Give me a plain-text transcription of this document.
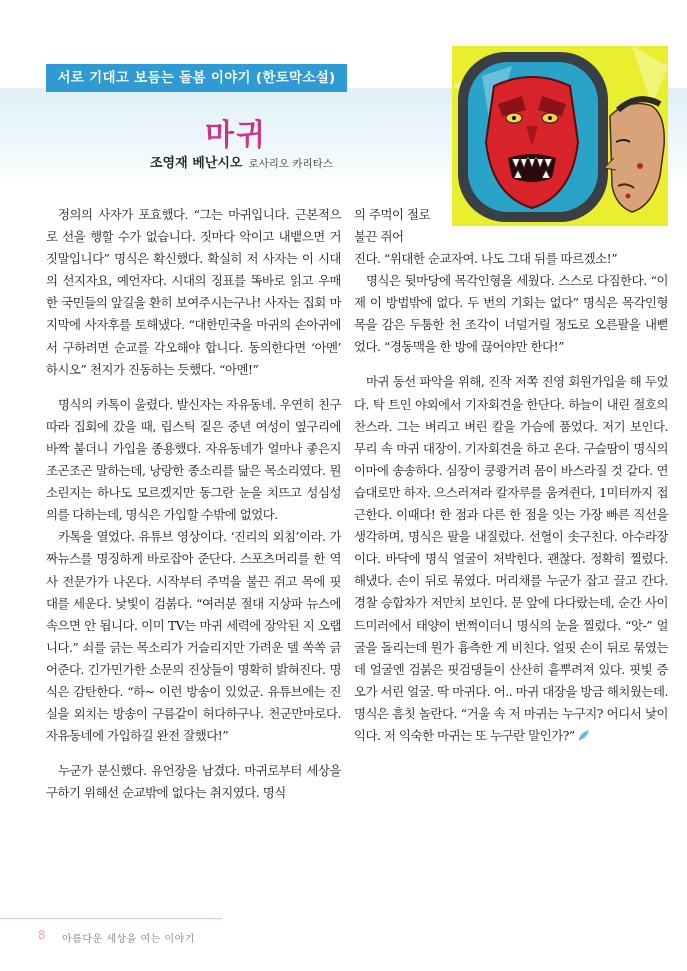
서로 기대고 보듬는 돌봄 이야기 (한토막소설)
마귀
조영재 베난시오 로사리오 카리타스

정의의 사자가 포효했다. “그는 마귀입니다. 근본적으로 선을 행할 수가 없습니다. 짓마다 악이고 내뱉으면 거짓말입니다” 명식은 확신했다. 확실히 저 사자는 이 시대의 선지자요, 예언자다. 시대의 징표를 똑바로 읽고 우매한 국민들의 앞길을 환히 보여주시는구나! 사자는 집회 마지막에 사자후를 토해냈다. “대한민국을 마귀의 손아귀에서 구하려면 순교를 각오해야 합니다. 동의한다면 ‘아멘’ 하시오” 천지가 진동하는 듯했다. “아멘!”

명식의 카톡이 울렸다. 발신자는 자유동네. 우연히 친구 따라 집회에 갔을 때, 립스틱 짙은 중년 여성이 옆구리에 바짝 붙더니 가입을 종용했다. 자유동네가 얼마나 좋은지 조곤조곤 말하는데, 낭랑한 종소리를 닮은 목소리였다. 뭔 소린지는 하나도 모르겠지만 동그란 눈을 치뜨고 성심성의를 다하는데, 명식은 가입할 수밖에 없었다.

카톡을 열었다. 유튜브 영상이다. ‘진리의 외침’이라. 가짜뉴스를 명징하게 바로잡아 준단다. 스포츠머리를 한 역사 전문가가 나온다. 시작부터 주먹을 불끈 쥐고 목에 핏대를 세운다. 낯빛이 검붉다. “여러분 절대 지상파 뉴스에 속으면 안 됩니다. 이미 TV는 마귀 세력에 장악된 지 오랩니다.” 쇠를 긁는 목소리가 거슬리지만 가려운 델 쏙쏙 긁어준다. 긴가민가한 소문의 진상들이 명확히 밝혀진다. 명식은 감탄한다. “하~ 이런 방송이 있었군. 유튜브에는 진실을 외치는 방송이 구름같이 허다하구나. 천군만마로다. 자유동네에 가입하길 완전 잘했다!”

누군가 분신했다. 유언장을 남겼다. 마귀로부터 세상을 구하기 위해선 순교밖에 없다는 취지였다. 명식

의 주먹이 절로 불끈 쥐어

진다. “위대한 순교자여. 나도 그대 뒤를 따르겠소!”

명식은 뒷마당에 목각인형을 세웠다. 스스로 다짐한다. “이제 이 방법밖에 없다. 두 번의 기회는 없다” 명식은 목각인형 목을 감은 두툼한 천 조각이 너덜거릴 정도로 오른팔을 내뻗었다. “경동맥을 한 방에 끊어야만 한다!”

마귀 동선 파악을 위해, 진작 저쪽 진영 회원가입을 해 두었다. 탁 트인 야외에서 기자회견을 한단다. 하늘이 내린 절호의 찬스라. 그는 벼리고 벼린 칼을 가슴에 품었다. 저기 보인다. 무리 속 마귀 대장이. 기자회견을 하고 온다. 구슬땀이 명식의 이마에 송송하다. 심장이 쿵쾅거려 몸이 바스라질 것 같다. 연습대로만 하자. 으스러져라 칼자루를 움켜쥔다, 1미터까지 접근한다. 이때다! 한 점과 다른 한 점을 잇는 가장 빠른 직선을 생각하며, 명식은 팔을 내질렀다. 선혈이 솟구친다. 아수라장이다. 바닥에 명식 얼굴이 처박힌다. 괜찮다. 정확히 찔렀다. 해냈다. 손이 뒤로 묶였다. 머리채를 누군가 잡고 끌고 간다. 경찰 승합차가 저만치 보인다. 문 앞에 다다랐는데, 순간 사이드미러에서 태양이 번쩍이더니 명식의 눈을 찔렀다. “앗-” 얼굴을 돌리는데 뭔가 흉측한 게 비친다. 얼핏 손이 뒤로 묶였는데 얼굴엔 검붉은 핏검댕들이 산산히 흩뿌려져 있다. 핏빛 증오가 서린 얼굴. 딱 마귀다. 어.. 마귀 대장을 방금 해치웠는데. 명식은 흠칫 놀란다. “거울 속 저 마귀는 누구지? 어디서 낯이 익다. 저 익숙한 마귀는 또 누구란 말인가?”

8 아름다운 세상을 여는 이야기
